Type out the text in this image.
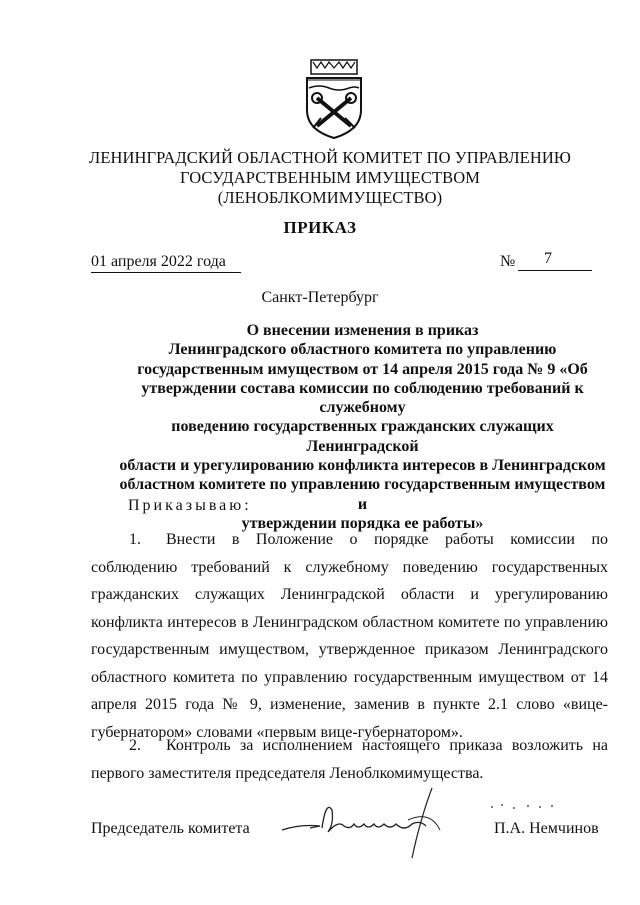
ЛЕНИНГРАДСКИЙ ОБЛАСТНОЙ КОМИТЕТ ПО УПРАВЛЕНИЮ
ГОСУДАРСТВЕННЫМ ИМУЩЕСТВОМ
(ЛЕНОБЛКОМИМУЩЕСТВО)
ПРИКАЗ
01 апреля 2022 года	№	7
Санкт-Петербург
О внесении изменения в приказ
Ленинградского областного комитета по управлению
государственным имуществом от 14 апреля 2015 года № 9 «Об
утверждении состава комиссии по соблюдению требований к служебному
поведению государственных гражданских служащих Ленинградской
области и урегулированию конфликта интересов в Ленинградском
областном комитете по управлению государственным имуществом и
утверждении порядка ее работы»
Приказываю:
1. Внести в Положение о порядке работы комиссии по соблюдению требований к служебному поведению государственных гражданских служащих Ленинградской области и урегулированию конфликта интересов в Ленинградском областном комитете по управлению государственным имуществом, утвержденное приказом Ленинградского областного комитета по управлению государственным имуществом от 14 апреля 2015 года № 9, изменение, заменив в пункте 2.1 слово «вице-губернатором» словами «первым вице-губернатором».
2. Контроль за исполнением настоящего приказа возложить на первого заместителя председателя Леноблкомимущества.
Председатель комитета	П.А. Немчинов
